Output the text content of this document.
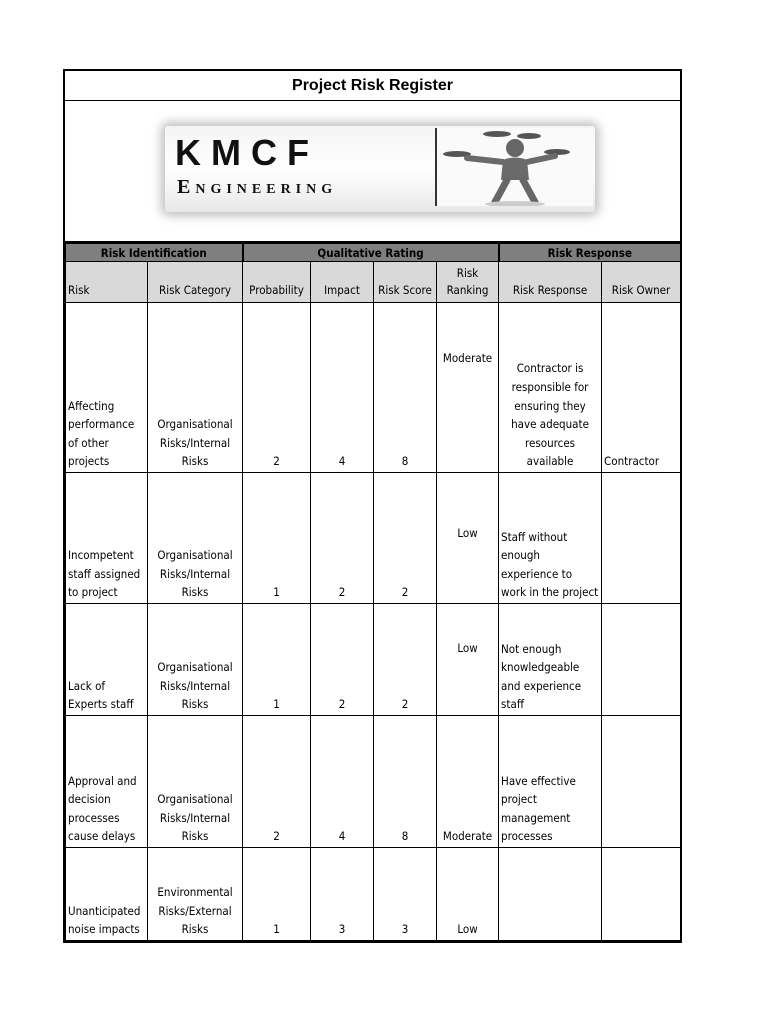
Project Risk Register
KMCF
Engineering
Risk Identification		Qualitative Rating				Risk Response	
Risk	Risk Category	Probability	Impact	Risk Score	Risk Ranking	Risk Response	Risk Owner
Affecting performance of other projects	Organisational Risks/Internal Risks	2	4	8	Moderate	Contractor is responsible for ensuring they have adequate resources available	Contractor
Incompetent staff assigned to project	Organisational Risks/Internal Risks	1	2	2	Low	Staff without enough experience to work in the project	
Lack of Experts staff	Organisational Risks/Internal Risks	1	2	2	Low	Not enough knowledgeable and experience staff	
Approval and decision processes cause delays	Organisational Risks/Internal Risks	2	4	8	Moderate	Have effective project management processes	
Unanticipated noise impacts	Environmental Risks/External Risks	1	3	3	Low		
